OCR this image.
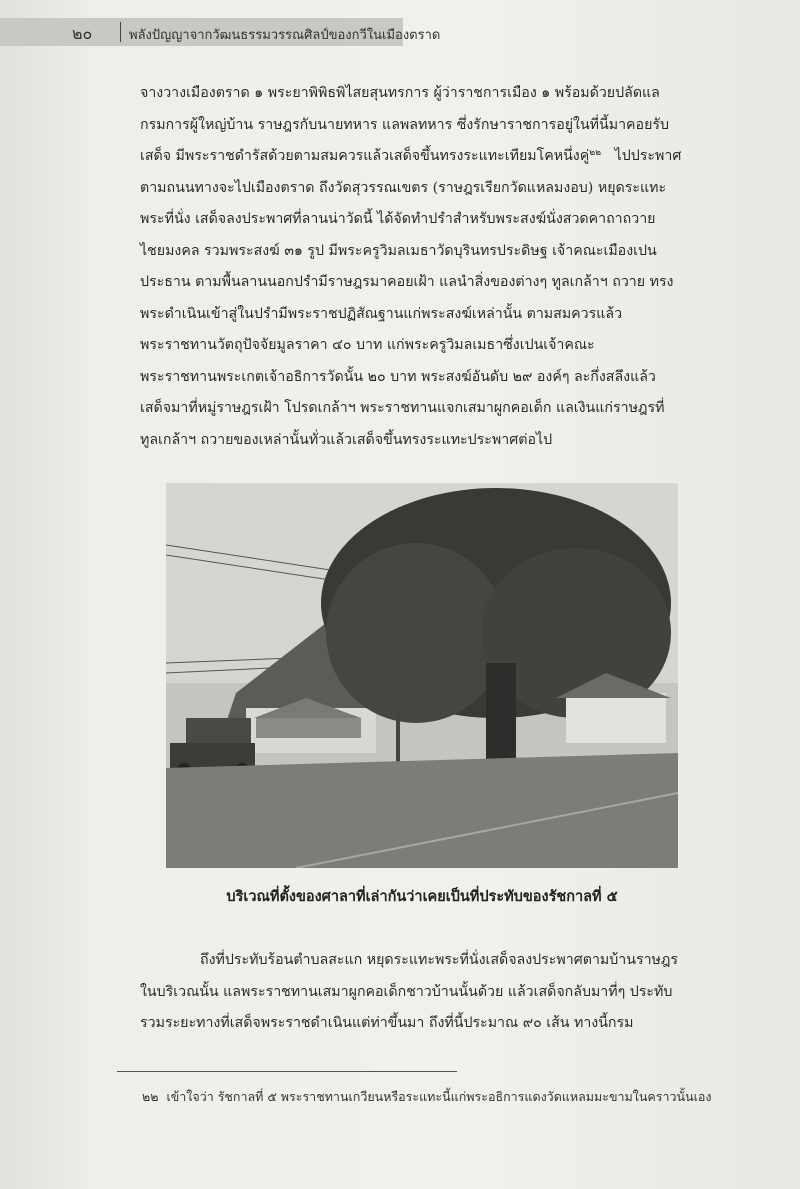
๒๐	พลังปัญญาจากวัฒนธรรมวรรณศิลป์ของกวีในเมืองตราด

จางวางเมืองตราด ๑ พระยาพิพิธพิไสยสุนทรการ ผู้ว่าราชการเมือง ๑ พร้อมด้วยปลัดแล

กรมการผู้ใหญ่บ้าน ราษฎรกับนายทหาร แลพลทหาร ซึ่งรักษาราชการอยู่ในที่นี้มาคอยรับ

เสด็จ มีพระราชดำรัสด้วยตามสมควรแล้วเสด็จขึ้นทรงระแทะเทียมโคหนึ่งคู่$^{๒๒}$ ไปประพาศ

ตามถนนทางจะไปเมืองตราด ถึงวัดสุวรรณเขตร (ราษฎรเรียกวัดแหลมงอบ) หยุดระแทะ

พระที่นั่ง เสด็จลงประพาศที่ลานน่าวัดนี้ ได้จัดทำปรำสำหรับพระสงฆ์นั่งสวดคาถาถวาย

ไชยมงคล รวมพระสงฆ์ ๓๑ รูป มีพระครูวิมลเมธาวัดบุรินทรประดิษฐ เจ้าคณะเมืองเปน

ประธาน ตามพื้นลานนอกปรำมีราษฎรมาคอยเฝ้า แลนำสิ่งของต่างๆ ทูลเกล้าฯ ถวาย ทรง

พระดำเนินเข้าสู่ในปรำมีพระราชปฏิสัณฐานแก่พระสงฆ์เหล่านั้น ตามสมควรแล้ว

พระราชทานวัตถุปัจจัยมูลราคา ๔๐ บาท แก่พระครูวิมลเมธาซึ่งเปนเจ้าคณะ

พระราชทานพระเกตเจ้าอธิการวัดนั้น ๒๐ บาท พระสงฆ์อันดับ ๒๙ องค์ๆ ละกึ่งสลึงแล้ว

เสด็จมาที่หมู่ราษฎรเฝ้า โปรดเกล้าฯ พระราชทานแจกเสมาผูกคอเด็ก แลเงินแก่ราษฎรที่

ทูลเกล้าฯ ถวายของเหล่านั้นทั่วแล้วเสด็จขึ้นทรงระแทะประพาศต่อไป

บริเวณที่ตั้งของศาลาที่เล่ากันว่าเคยเป็นที่ประทับของรัชกาลที่ ๕

ถึงที่ประทับร้อนตำบลสะแก หยุดระแทะพระที่นั่งเสด็จลงประพาศตามบ้านราษฎร

ในบริเวณนั้น แลพระราชทานเสมาผูกคอเด็กชาวบ้านนั้นด้วย แล้วเสด็จกลับมาที่ๆ ประทับ

รวมระยะทางที่เสด็จพระราชดำเนินแต่ท่าขึ้นมา ถึงที่นี้ประมาณ ๙๐ เส้น ทางนี้กรม

๒๒ เข้าใจว่า รัชกาลที่ ๕ พระราชทานเกวียนหรือระแทะนี้แก่พระอธิการแดงวัดแหลมมะขามในคราวนั้นเอง
